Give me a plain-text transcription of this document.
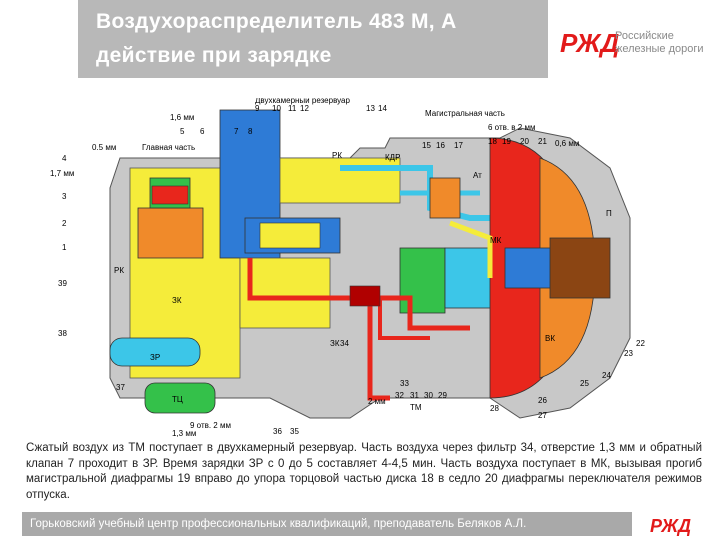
Воздухораспределитель 483 М, А
действие при зарядке	РЖД
Российские
железные дороги
Двухкамерный резервуар
Главная часть
Магистральная часть
1,6 мм
0.5 мм
1,7 мм
6 отв. в 2 мм
0,6 мм
1,3 мм
9 отв. 2 мм
2 мм
РК	КДР
Ат
МК
РК
ЗК
ЗК
ЗР
ТЦ
ТМ
ВК
П
9 10 11 12	13 14
5 6	7 8
15 16 17	18 19 20 21
4
3
2
1
39
38
37
36 35
34
33
32 31 30 29
28
27
26
25
24
23
22
Сжатый воздух из ТМ поступает в двухкамерный резервуар. Часть воздуха через фильтр 34, отверстие 1,3 мм и обратный клапан 7 проходит в ЗР. Время зарядки ЗР с 0 до 5 составляет 4-4,5 мин. Часть воздуха поступает в МК, вызывая прогиб магистральной диафрагмы 19 вправо до упора торцовой частью диска 18 в седло 20 диафрагмы переключателя режимов отпуска.
Горьковский учебный центр профессиональных квалификаций, преподаватель Беляков А.Л.	РЖД
